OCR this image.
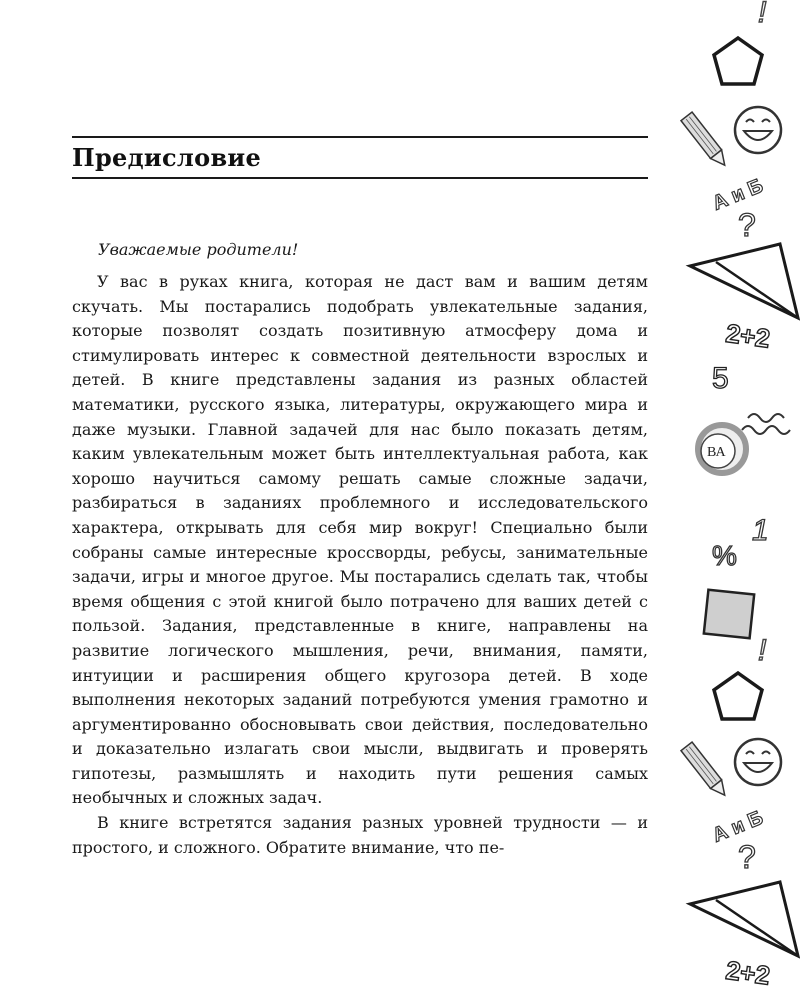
Предисловие

Уважаемые родители!

У вас в руках книга, которая не даст вам и вашим детям скучать. Мы постарались подобрать увлекательные задания, которые позволят создать позитивную атмосферу дома и стимулировать интерес к совместной деятельности взрослых и детей. В книге представлены задания из разных областей математики, русского языка, литературы, окружающего мира и даже музыки. Главной задачей для нас было показать детям, каким увлекательным может быть интеллектуальная работа, как хорошо научиться самому решать самые сложные задачи, разбираться в заданиях проблемного и исследовательского характера, открывать для себя мир вокруг! Специально были собраны самые интересные кроссворды, ребусы, занимательные задачи, игры и многое другое. Мы постарались сделать так, чтобы время общения с этой книгой было потрачено для ваших детей с пользой. Задания, представленные в книге, направлены на развитие логического мышления, речи, внимания, памяти, интуиции и расширения общего кругозора детей. В ходе выполнения некоторых заданий потребуются умения грамотно и аргументированно обосновывать свои действия, последовательно и доказательно излагать свои мысли, выдвигать и проверять гипотезы, размышлять и находить пути решения самых необычных и сложных задач.

В книге встретятся задания разных уровней трудности — и простого, и сложного. Обратите внимание, что пе-

!
А и Б
?
2+2
5
ВА
%
1
!
А и Б
?
2+2
